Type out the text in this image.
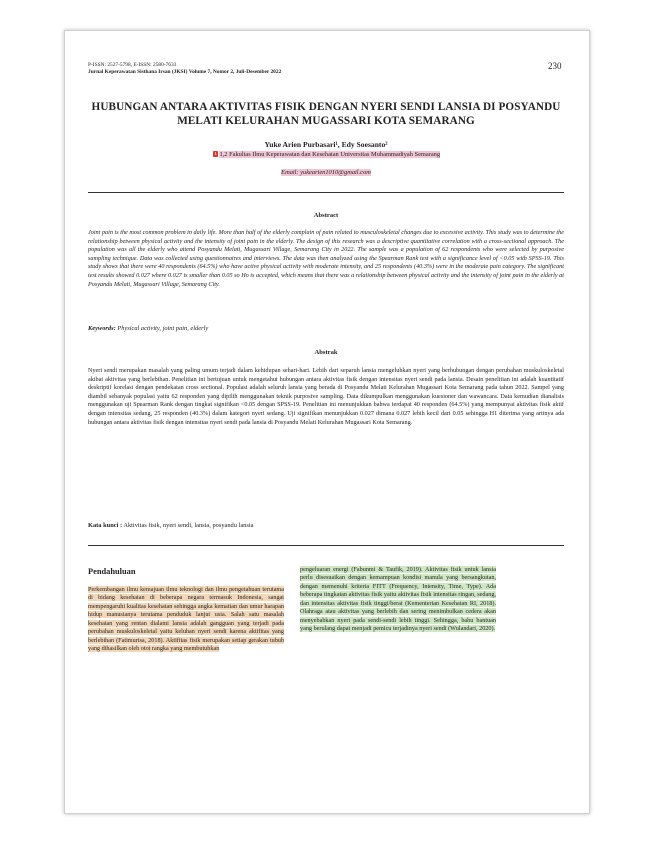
P-ISSN: 2527-5798, E-ISSN: 2580-7633
Jurnal Keperawatan Sisthana Irsan (JKSI) Volume 7, Nomor 2, Juli-Desember 2022
230
HUBUNGAN ANTARA AKTIVITAS FISIK DENGAN NYERI SENDI LANSIA DI POSYANDU MELATI KELURAHAN MUGASSARI KOTA SEMARANG
Yuke Arien Purbasari¹, Edy Soesanto²
1 1,2 Fakultas Ilmu Keperawatan dan Kesehatan Universitas Muhammadiyah Semarang
Email: yukearien1010@gmail.com
Abstract
Joint pain is the most common problem in daily life. More than half of the elderly complain of pain related to musculoskeletal changes due to excessive activity. This study was to determine the relationship between physical activity and the intensity of joint pain in the elderly. The design of this research was a descriptive quantitative correlation with a cross-sectional approach. The population was all the elderly who attend Posyandu Melati, Mugassari Village, Semarang City in 2022. The sample was a population of 62 respondents who were selected by purposive sampling technique. Data was collected using questionnaires and interviews. The data was then analyzed using the Spearman Rank test with a significance level of <0.05 with SPSS-19. This study shows that there were 40 respondents (64.5%) who have active physical activity with moderate intensity, and 25 respondents (40.3%) were in the moderate pain category. The significant test results showed 0.027 where 0.027 is smaller than 0.05 so Ho is accepted, which means that there was a relationship between physical activity and the intensity of joint pain in the elderly at Posyandu Melati, Mugassari Village, Semarang City.
Keywords: Physical activity, joint pain, elderly
Abstrak
Nyeri sendi merupakan masalah yang paling umum terjadi dalam kehidupan sehari-hari. Lebih dari separuh lansia mengeluhkan nyeri yang berhubungan dengan perubahan muskuloskeletal akibat aktivitas yang berlebihan. Penelitian ini bertujuan untuk mengetahui hubungan antara aktivitas fisik dengan intensitas nyeri sendi pada lansia. Desain penelitian ini adalah kuantitatif deskriptif korelasi dengan pendekatan cross sectional. Populasi adalah seluruh lansia yang berada di Posyandu Melati Kelurahan Mugassari Kota Semarang pada tahun 2022. Sampel yang diambil sebanyak populasi yaitu 62 responden yang dipilih menggunakan teknik purposive sampling. Data dikumpulkan menggunakan kuesioner dan wawancara. Data kemudian dianalisis menggunakan uji Spearman Rank dengan tingkat signifikan <0.05 dengan SPSS-19. Penelitian ini menunjukkan bahwa terdapat 40 responden (64.5%) yang mempunyai aktivitas fisik aktif dengan intensitas sedang, 25 responden (40.3%) dalam kategori nyeri sedang. Uji signifikan menunjukkan 0.027 dimana 0.027 lebih kecil dari 0.05 sehingga H1 diterima yang artinya ada hubungan antara aktivitas fisik dengan intensitas nyeri sendi pada lansia di Posyandu Melati Kelurahan Mugassari Kota Semarang.
Kata kunci : Aktivitas fisik, nyeri sendi, lansia, posyandu lansia
Pendahuluan
Perkembangan ilmu kemajuan ilmu teknologi dan ilmu pengetahuan terutama di bidang kesehatan di beberapa negara termasuk Indonesia, sangat mempengaruhi kualitas kesehatan sehingga angka kematian dan umur harapan hidup manusianya terutama penduduk lanjut usia. Salah satu masalah kesehatan yang rentan dialami lansia adalah gangguan yang terjadi pada perubahan muskuloskeletal yaitu keluhan nyeri sendi karena aktifitas yang berlebihan (Fatimurisa, 2018). Aktifitas fisik merupakan setiap gerakan tubuh yang dihasilkan oleh otot rangka yang membutuhkan
pengeluaran energi (Fabunmi & Taufik, 2019). Aktivitas fisik untuk lansia perlu disesuaikan dengan kemampuan kondisi manula yang bersangkutan, dengan memenuhi kriteria FITT (Frequency, Intensity, Time, Type). Ada beberapa tingkatan aktivitas fisik yaitu aktivitas fisik intensitas ringan, sedang, dan intensitas aktivitas fisik tinggi/berat (Kementerian Kesehatan RI, 2018). Olahraga atau aktivitas yang berlebih dan sering menimbulkan cedera akan menyebabkan nyeri pada sendi-sendi lebih tinggi. Sehingga, bahu bantuan yang berulang dapat menjadi pemicu terjadinya nyeri sendi (Wulandari, 2020).
